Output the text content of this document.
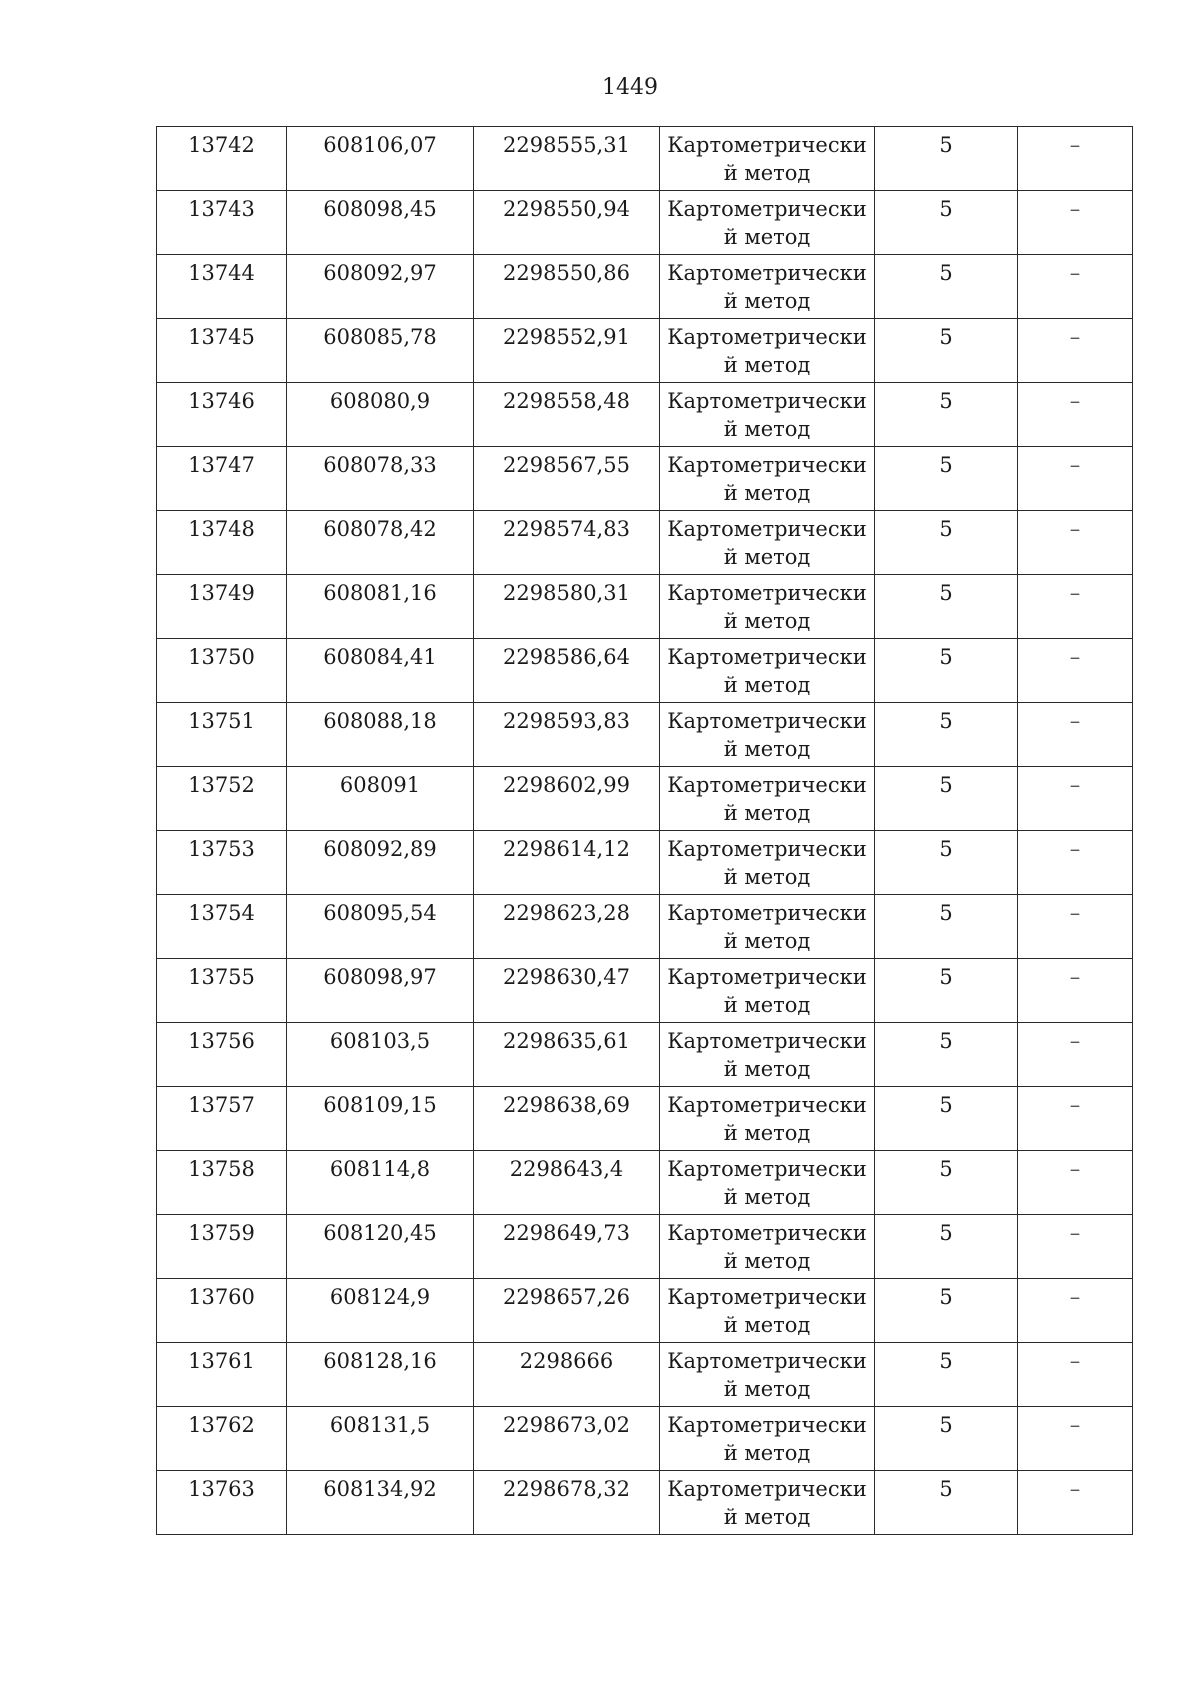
1449
13742	608106,07	2298555,31	Картометрически й метод	5	–

13743	608098,45	2298550,94	Картометрически й метод	5	–

13744	608092,97	2298550,86	Картометрически й метод	5	–

13745	608085,78	2298552,91	Картометрически й метод	5	–

13746	608080,9	2298558,48	Картометрически й метод	5	–

13747	608078,33	2298567,55	Картометрически й метод	5	–

13748	608078,42	2298574,83	Картометрически й метод	5	–

13749	608081,16	2298580,31	Картометрически й метод	5	–

13750	608084,41	2298586,64	Картометрически й метод	5	–

13751	608088,18	2298593,83	Картометрически й метод	5	–

13752	608091	2298602,99	Картометрически й метод	5	–

13753	608092,89	2298614,12	Картометрически й метод	5	–

13754	608095,54	2298623,28	Картометрически й метод	5	–

13755	608098,97	2298630,47	Картометрически й метод	5	–

13756	608103,5	2298635,61	Картометрически й метод	5	–

13757	608109,15	2298638,69	Картометрически й метод	5	–

13758	608114,8	2298643,4	Картометрически й метод	5	–

13759	608120,45	2298649,73	Картометрически й метод	5	–

13760	608124,9	2298657,26	Картометрически й метод	5	–

13761	608128,16	2298666	Картометрически й метод	5	–

13762	608131,5	2298673,02	Картометрически й метод	5	–

13763	608134,92	2298678,32	Картометрически й метод	5	–
